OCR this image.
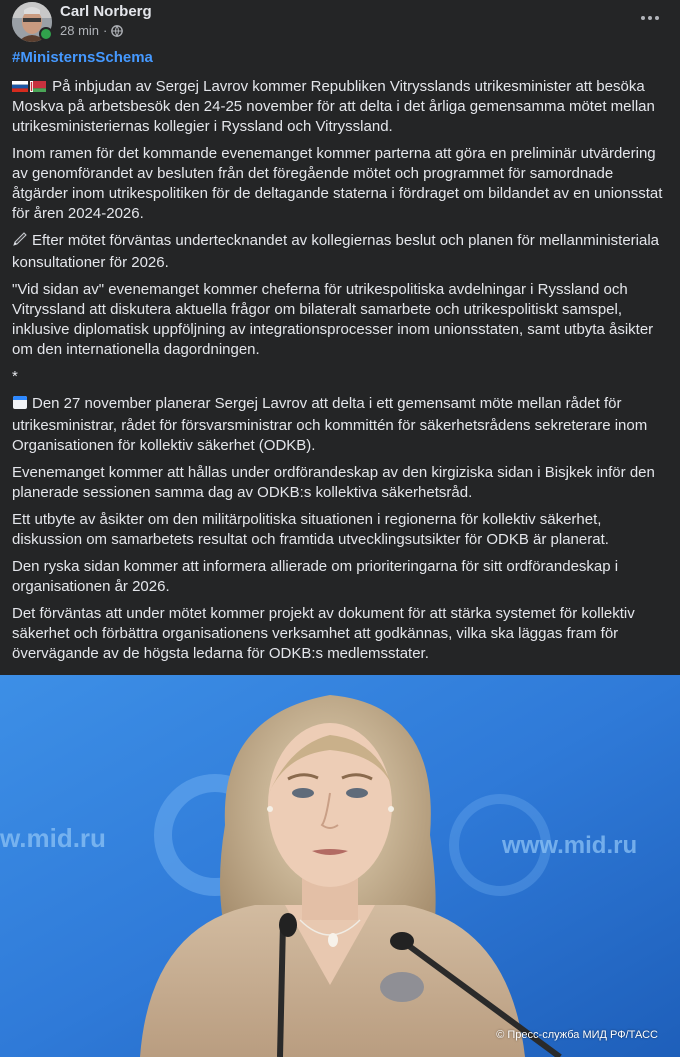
Carl Norberg
28 min ·
#MinisternsSchema

På inbjudan av Sergej Lavrov kommer Republiken Vitrysslands utrikesminister att besöka Moskva på arbetsbesök den 24-25 november för att delta i det årliga gemensamma mötet mellan utrikesministeriernas kollegier i Ryssland och Vitryssland.

Inom ramen för det kommande evenemanget kommer parterna att göra en preliminär utvärdering av genomförandet av besluten från det föregående mötet och programmet för samordnade åtgärder inom utrikespolitiken för de deltagande staterna i fördraget om bildandet av en unionsstat för åren 2024-2026.

Efter mötet förväntas undertecknandet av kollegiernas beslut och planen för mellanministeriala konsultationer för 2026.

"Vid sidan av" evenemanget kommer cheferna för utrikespolitiska avdelningar i Ryssland och Vitryssland att diskutera aktuella frågor om bilateralt samarbete och utrikespolitiskt samspel, inklusive diplomatisk uppföljning av integrationsprocesser inom unionsstaten, samt utbyta åsikter om den internationella dagordningen.

*

Den 27 november planerar Sergej Lavrov att delta i ett gemensamt möte mellan rådet för utrikesministrar, rådet för försvarsministrar och kommittén för säkerhetsrådens sekreterare inom Organisationen för kollektiv säkerhet (ODKB).

Evenemanget kommer att hållas under ordförandeskap av den kirgiziska sidan i Bisjkek inför den planerade sessionen samma dag av ODKB:s kollektiva säkerhetsråd.

Ett utbyte av åsikter om den militärpolitiska situationen i regionerna för kollektiv säkerhet, diskussion om samarbetets resultat och framtida utvecklingsutsikter för ODKB är planerat.

Den ryska sidan kommer att informera allierade om prioriteringarna för sitt ordförandeskap i organisationen år 2026.

Det förväntas att under mötet kommer projekt av dokument för att stärka systemet för kollektiv säkerhet och förbättra organisationens verksamhet att godkännas, vilka ska läggas fram för övervägande av de högsta ledarna för ODKB:s medlemsstater.

w.mid.ru	www.mid.ru
© Пресс-служба МИД РФ/ТАСС
